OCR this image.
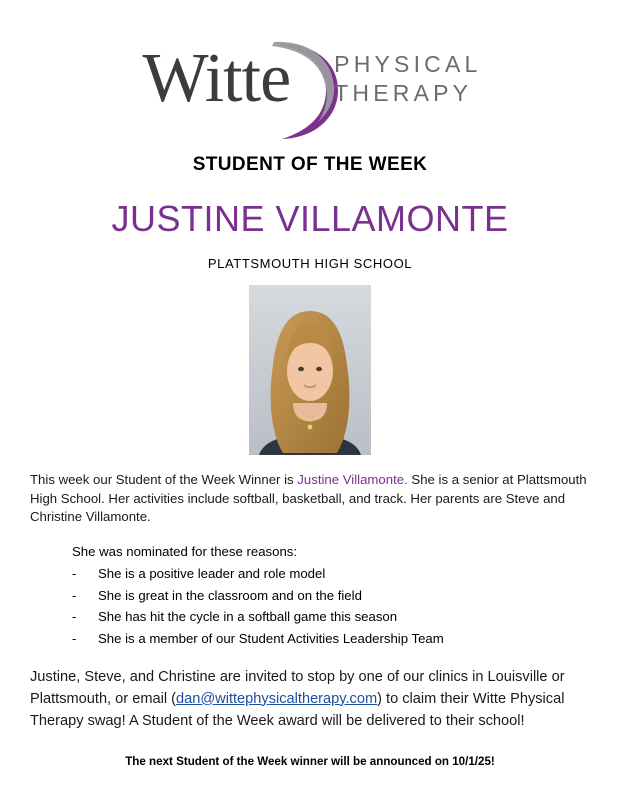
Witte PHYSICAL
THERAPY
STUDENT OF THE WEEK
JUSTINE VILLAMONTE
PLATTSMOUTH HIGH SCHOOL
This week our Student of the Week Winner is Justine Villamonte. She is a senior at Plattsmouth High School. Her activities include softball, basketball, and track. Her parents are Steve and Christine Villamonte.
She was nominated for these reasons:
-	She is a positive leader and role model
-	She is great in the classroom and on the field
-	She has hit the cycle in a softball game this season
-	She is a member of our Student Activities Leadership Team
Justine, Steve, and Christine are invited to stop by one of our clinics in Louisville or Plattsmouth, or email (dan@wittephysicaltherapy.com) to claim their Witte Physical Therapy swag! A Student of the Week award will be delivered to their school!
The next Student of the Week winner will be announced on 10/1/25!
